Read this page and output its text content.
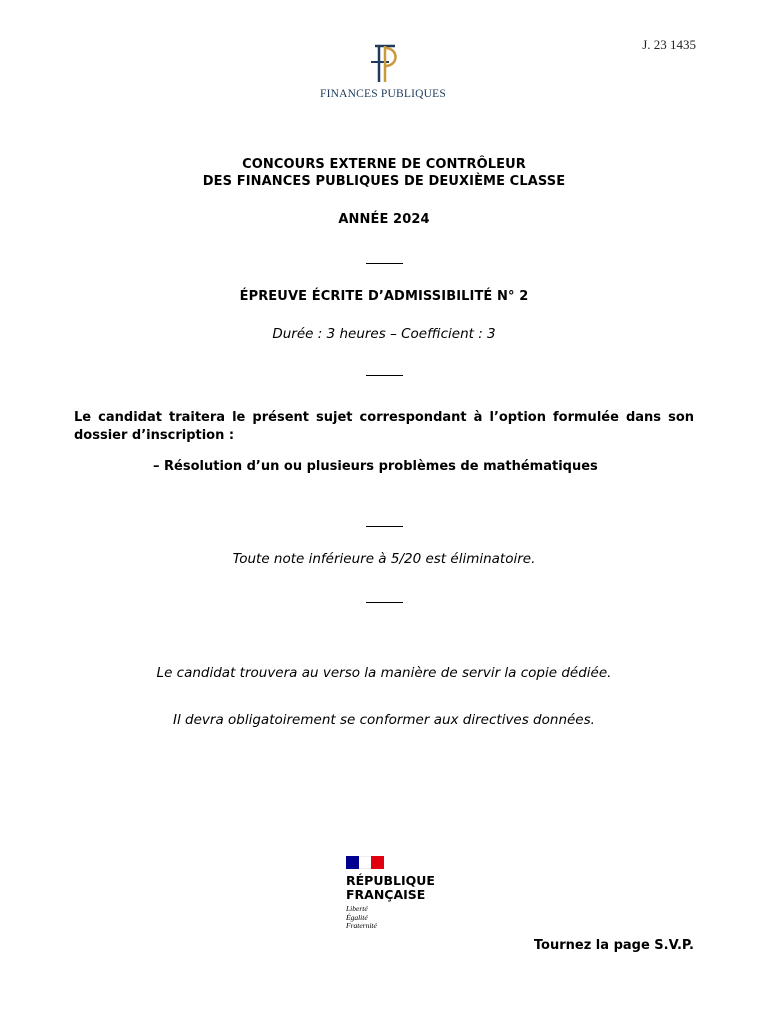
J. 23 1435
FINANCES PUBLIQUES
CONCOURS EXTERNE DE CONTRÔLEUR
DES FINANCES PUBLIQUES DE DEUXIÈME CLASSE
ANNÉE 2024
ÉPREUVE ÉCRITE D’ADMISSIBILITÉ N° 2
Durée : 3 heures – Coefficient : 3
Le candidat traitera le présent sujet correspondant à l’option formulée dans son dossier d’inscription :
– Résolution d’un ou plusieurs problèmes de mathématiques
Toute note inférieure à 5/20 est éliminatoire.
Le candidat trouvera au verso la manière de servir la copie dédiée.
Il devra obligatoirement se conformer aux directives données.
RÉPUBLIQUE
FRANÇAISE
Liberté
Égalité
Fraternité
Tournez la page S.V.P.
